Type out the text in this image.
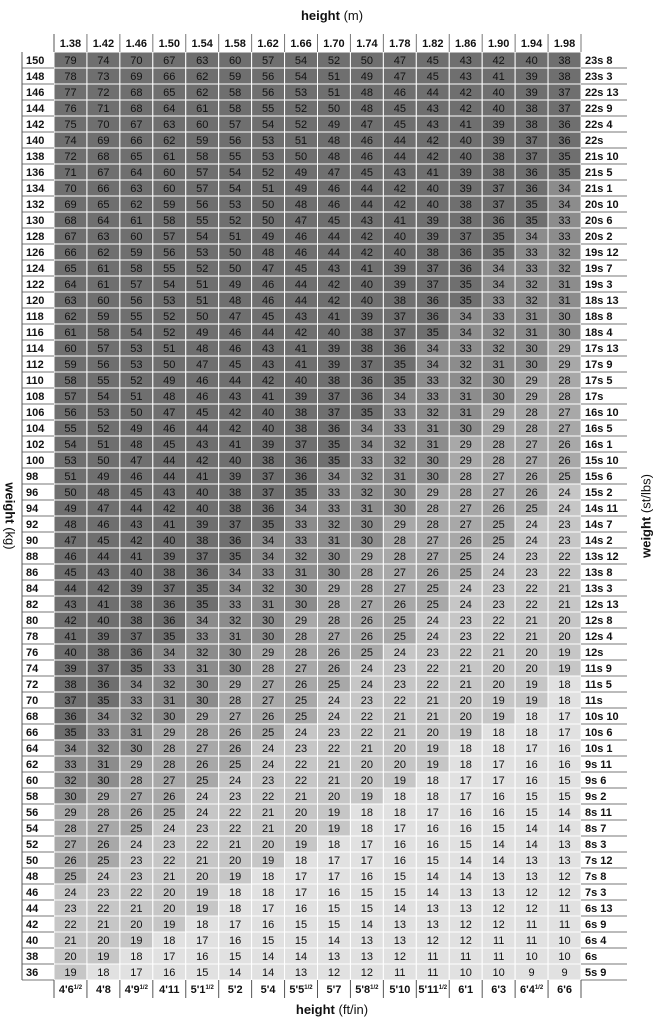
height (m)
height (ft/in)
weight (kg)	weight (st/lbs)
79 74 70 67 63 60 57 54 52 50 47 45 43 42 40 38
78 73 69 66 62 59 56 54 51 49 47 45 43 41 39 38
77 72 68 65 62 58 56 53 51 48 46 44 42 40 39 37
76 71 68 64 61 58 55 52 50 48 45 43 42 40 38 37
75 70 67 63 60 57 54 52 49 47 45 43 41 39 38 36
74 69 66 62 59 56 53 51 48 46 44 42 40 39 37 36
72 68 65 61 58 55 53 50 48 46 44 42 40 38 37 35
71 67 64 60 57 54 52 49 47 45 43 41 39 38 36 35
70 66 63 60 57 54 51 49 46 44 42 40 39 37 36 34
69 65 62 59 56 53 50 48 46 44 42 40 38 37 35 34
68 64 61 58 55 52 50 47 45 43 41 39 38 36 35 33
67 63 60 57 54 51 49 46 44 42 40 39 37 35 34 33
66 62 59 56 53 50 48 46 44 42 40 38 36 35 33 32
65 61 58 55 52 50 47 45 43 41 39 37 36 34 33 32
64 61 57 54 51 49 46 44 42 40 39 37 35 34 32 31
63 60 56 53 51 48 46 44 42 40 38 36 35 33 32 31
62 59 55 52 50 47 45 43 41 39 37 36 34 33 31 30
61 58 54 52 49 46 44 42 40 38 37 35 34 32 31 30
60 57 53 51 48 46 43 41 39 38 36 34 33 32 30 29
59 56 53 50 47 45 43 41 39 37 35 34 32 31 30 29
58 55 52 49 46 44 42 40 38 36 35 33 32 30 29 28
57 54 51 48 46 43 41 39 37 36 34 33 31 30 29 28
56 53 50 47 45 42 40 38 37 35 33 32 31 29 28 27
55 52 49 46 44 42 40 38 36 34 33 31 30 29 28 27
54 51 48 45 43 41 39 37 35 34 32 31 29 28 27 26
53 50 47 44 42 40 38 36 35 33 32 30 29 28 27 26
51 49 46 44 41 39 37 36 34 32 31 30 28 27 26 25
50 48 45 43 40 38 37 35 33 32 30 29 28 27 26 24
49 47 44 42 40 38 36 34 33 31 30 28 27 26 25 24
48 46 43 41 39 37 35 33 32 30 29 28 27 25 24 23
47 45 42 40 38 36 34 33 31 30 28 27 26 25 24 23
46 44 41 39 37 35 34 32 30 29 28 27 25 24 23 22
45 43 40 38 36 34 33 31 30 28 27 26 25 24 23 22
44 42 39 37 35 34 32 30 29 28 27 25 24 23 22 21
43 41 38 36 35 33 31 30 28 27 26 25 24 23 22 21
42 40 38 36 34 32 30 29 28 26 25 24 23 22 21 20
41 39 37 35 33 31 30 28 27 26 25 24 23 22 21 20
40 38 36 34 32 30 29 28 26 25 24 23 22 21 20 19
39 37 35 33 31 30 28 27 26 24 23 22 21 20 20 19
38 36 34 32 30 29 27 26 25 24 23 22 21 20 19 18
37 35 33 31 30 28 27 25 24 23 22 21 20 19 19 18
36 34 32 30 29 27 26 25 24 22 21 21 20 19 18 17
35 33 31 29 28 26 25 24 23 22 21 20 19 18 18 17
34 32 30 28 27 26 24 23 22 21 20 19 18 18 17 16
33 31 29 28 26 25 24 22 21 20 20 19 18 17 16 16
32 30 28 27 25 24 23 22 21 20 19 18 17 17 16 15
30 29 27 26 24 23 22 21 20 19 18 18 17 16 15 15
29 28 26 25 24 22 21 20 19 18 18 17 16 16 15 14
28 27 25 24 23 22 21 20 19 18 17 16 16 15 14 14
27 26 24 23 22 21 20 19 18 17 16 16 15 14 14 13
26 25 23 22 21 20 19 18 17 17 16 15 14 14 13 13
25 24 23 21 20 19 18 17 17 16 15 14 14 13 13 12
24 23 22 20 19 18 18 17 16 15 15 14 13 13 12 12
23 22 21 20 19 18 17 16 15 15 14 13 13 12 12 11
22 21 20 19 18 17 16 15 15 14 13 13 12 12 11 11
21 20 19 18 17 16 15 15 14 13 13 12 12 11 11 10
20 19 18 17 16 15 14 14 13 13 12 11 11 11 10 10
19 18 17 16 15 14 14 13 12 12 11 11 10 10 9 9
1.38 1.42 1.46 1.50 1.54 1.58 1.62 1.66 1.70 1.74 1.78 1.82 1.86 1.90 1.94 1.98
150
148
146
144
142
140
138
136
134
132
130
128
126
124
122
120
118
116
114
112
110
108
106
104
102
100
98
96
94
92
90
88
86
84
82
80
78
76
74
72
70
68
66
64
62
60
58
56
54
52
50
48
46
44
42
40
38
36
23s 8
23s 3
22s 13
22s 9
22s 4
22s
21s 10
21s 5
21s 1
20s 10
20s 6
20s 2
19s 12
19s 7
19s 3
18s 13
18s 8
18s 4
17s 13
17s 9
17s 5
17s
16s 10
16s 5
16s 1
15s 10
15s 6
15s 2
14s 11
14s 7
14s 2
13s 12
13s 8
13s 3
12s 13
12s 8
12s 4
12s
11s 9
11s 5
11s
10s 10
10s 6
10s 1
9s 11
9s 6
9s 2
8s 11
8s 7
8s 3
7s 12
7s 8
7s 3
6s 13
6s 9
6s 4
6s
5s 9
$4'6^{1/2}$ 4'8 $4'9^{1/2}$ 4'11 $5'1^{1/2}$ 5'2 5'4 $5'5^{1/2}$ 5'7 $5'8^{1/2}$ 5'10 $5'11^{1/2}$ 6'1 6'3 $6'4^{1/2}$ 6'6
